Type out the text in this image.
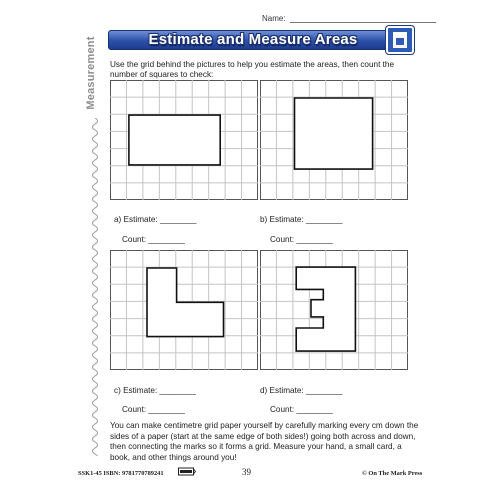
Name:
Measurement	Estimate and Measure Areas
Use the grid behind the pictures to help you estimate the areas, then count the number of squares to check:
a) Estimate: ________
Count: ________
b) Estimate: ________
Count: ________
c) Estimate: ________
Count: ________
d) Estimate: ________
Count: ________
You can make centimetre grid paper yourself by carefully marking every cm down the sides of a paper (start at the same edge of both sides!) going both across and down, then connecting the marks so it forms a grid. Measure your hand, a small card, a book, and other things around you!
SSK1-45 ISBN: 9781770789241	39	© On The Mark Press
